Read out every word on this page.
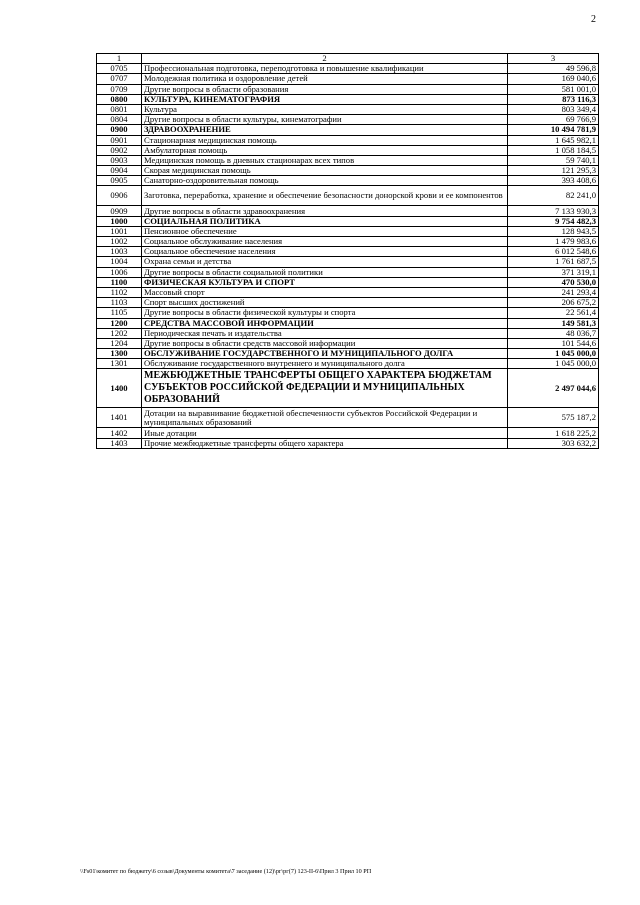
2
1	2	3
0705	Профессиональная подготовка, переподготовка и повышение квалификации	49 596,8
0707	Молодежная политика и оздоровление детей	169 040,6
0709	Другие вопросы в области образования	581 001,0
0800	КУЛЬТУРА, КИНЕМАТОГРАФИЯ	873 116,3
0801	Культура	803 349,4
0804	Другие вопросы в области культуры, кинематографии	69 766,9
0900	ЗДРАВООХРАНЕНИЕ	10 494 781,9
0901	Стационарная медицинская помощь	1 645 982,1
0902	Амбулаторная помощь	1 058 184,5
0903	Медицинская помощь в дневных стационарах всех типов	59 740,1
0904	Скорая медицинская помощь	121 295,3
0905	Санаторно-оздоровительная помощь	393 408,6
0906	Заготовка, переработка, хранение и обеспечение безопасности донорской крови и ее компонентов	82 241,0
0909	Другие вопросы в области здравоохранения	7 133 930,3
1000	СОЦИАЛЬНАЯ ПОЛИТИКА	9 754 482,3
1001	Пенсионное обеспечение	128 943,5
1002	Социальное обслуживание населения	1 479 983,6
1003	Социальное обеспечение населения	6 012 548,6
1004	Охрана семьи и детства	1 761 687,5
1006	Другие вопросы в области социальной политики	371 319,1
1100	ФИЗИЧЕСКАЯ КУЛЬТУРА И СПОРТ	470 530,0
1102	Массовый спорт	241 293,4
1103	Спорт высших достижений	206 675,2
1105	Другие вопросы в области физической культуры и спорта	22 561,4
1200	СРЕДСТВА МАССОВОЙ ИНФОРМАЦИИ	149 581,3
1202	Периодическая печать и издательства	48 036,7
1204	Другие вопросы в области средств массовой информации	101 544,6
1300	ОБСЛУЖИВАНИЕ ГОСУДАРСТВЕННОГО И МУНИЦИПАЛЬНОГО ДОЛГА	1 045 000,0
1301	Обслуживание государственного внутреннего и муниципального долга	1 045 000,0
1400	МЕЖБЮДЖЕТНЫЕ ТРАНСФЕРТЫ ОБЩЕГО ХАРАКТЕРА БЮДЖЕТАМ СУБЪЕКТОВ РОССИЙСКОЙ ФЕДЕРАЦИИ И МУНИЦИПАЛЬНЫХ ОБРАЗОВАНИЙ	2 497 044,6
1401	Дотации на выравнивание бюджетной обеспеченности субъектов Российской Федерации и муниципальных образований	575 187,2
1402	Иные дотации	1 618 225,2
1403	Прочие межбюджетные трансферты общего характера	303 632,2
\\Fs01\комитет по бюджету\6 созыв\Документы комитета\7 заседание (12)\рг\рг(7) 123-II-6\Прил 3 Прил 10 РП
